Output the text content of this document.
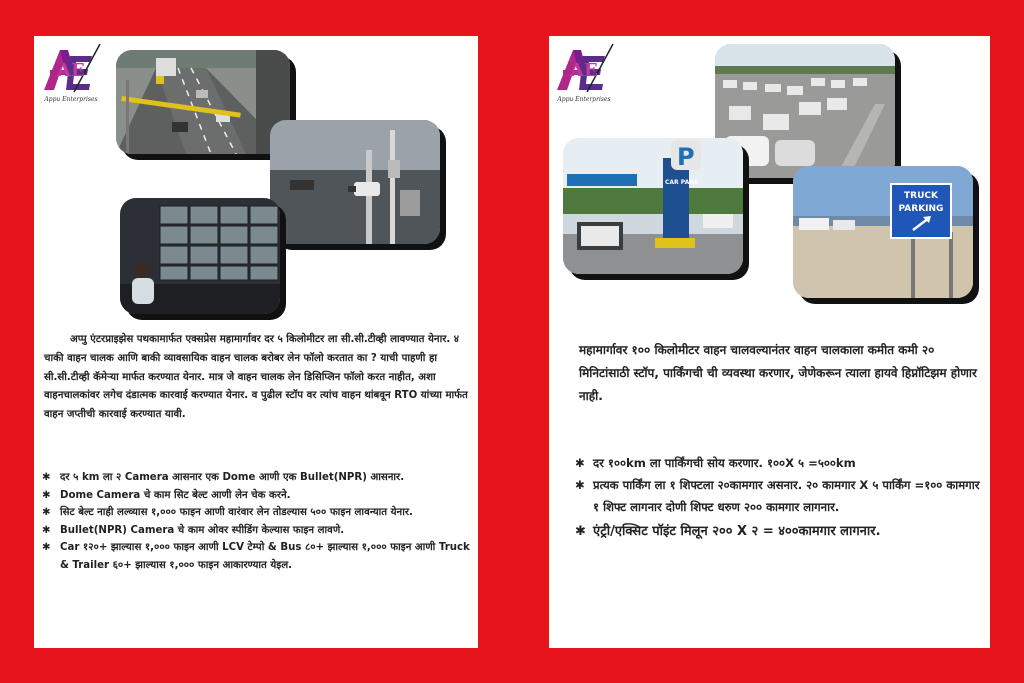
AE
Appu Enterprises
अप्पु एंटरप्राइझेस पथकामार्फत एक्सप्रेस महामार्गावर दर ५ किलोमीटर ला सी.सी.टीव्ही लावण्यात येनार. ४ चाकी वाहन चालक आणि बाकी व्यावसायिक वाहन चालक बरोबर लेन फॉलो करतात का ? याची पाहणी हा सी.सी.टीव्ही कॅमेऱ्या मार्फत करण्यात येनार. मात्र जे वाहन चालक लेन डिसिप्लिन फॉलो करत नाहीत, अशा वाहनचालकांवर लगेच दंडात्मक कारवाई करण्यात येनार. व पुढील स्टॉप वर त्यांच वाहन थांबवून RTO यांच्या मार्फत वाहन जप्तीची कारवाई करण्यात यावी.
✱ दर ५ km ला २ Camera आसनार एक Dome आणी एक Bullet(NPR) आसनार.
✱ Dome Camera चे काम सिट बेल्ट आणी लेन चेक करने.
✱ सिट बेल्ट नाही लल्व्यास १,००० फाइन आणी वारंवार लेन तोडल्यास ५०० फाइन लावन्यात येनार.
✱ Bullet(NPR) Camera चे काम ओवर स्पीडिंग केल्यास फाइन लावणे.
✱ Car १२०+ झाल्यास १,००० फाइन आणी LCV टेम्पो & Bus ८०+ झाल्यास १,००० फाइन आणी Truck & Trailer ६०+ झाल्यास १,००० फाइन आकारण्यात येइल.
AE
Appu Enterprises
P
CAR PARK
TRUCK
PARKING
महामार्गावर १०० किलोमीटर वाहन चालवल्यानंतर वाहन चालकाला कमीत कमी २० मिनिटांसाठी स्टॉप, पार्किंगची ची व्यवस्था करणार, जेणेकरून त्याला हायवे हिप्नॉटिझम होणार नाही.
✱ दर १००km ला पार्किंगची सोय करणार. १००X ५ =५००km
✱ प्रत्यक पार्किंग ला १ शिफ्टला २०कामगार असनार. २० कामगार X ५ पार्किंग =१०० कामगार १ शिफ्ट लागनार दोणी शिफ्ट धरुण २०० कामगार लागनार.
✱ एंट्री/एक्सिट पॉइंट मिलून २०० X २ = ४००कामगार लागनार.
